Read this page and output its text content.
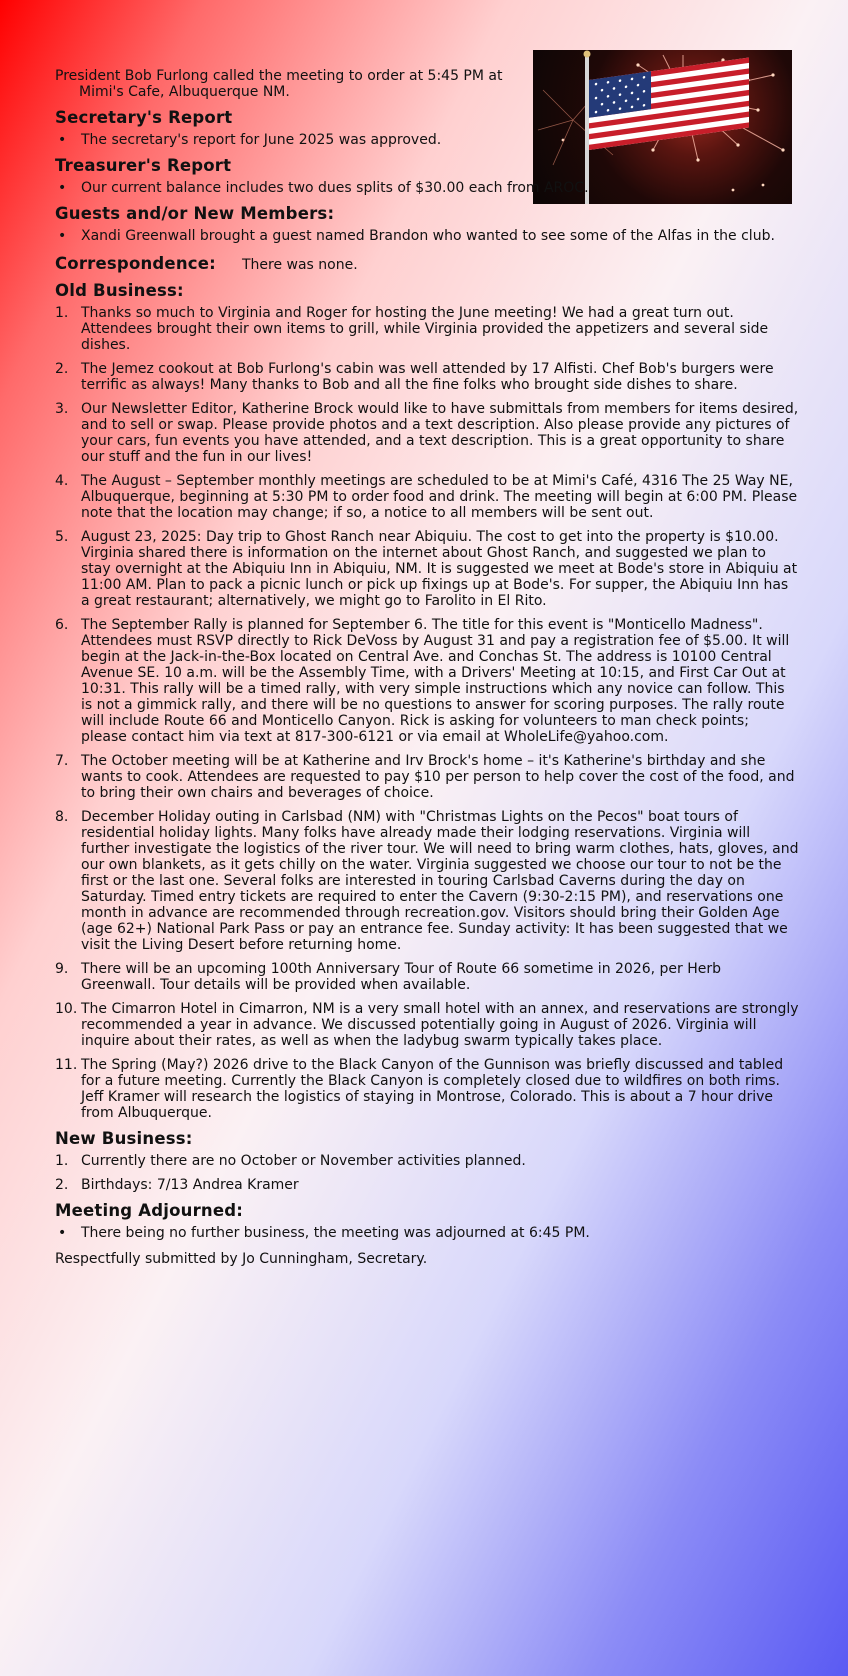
President Bob Furlong called the meeting to order at 5:45 PM at Mimi's Cafe, Albuquerque NM.

Secretary's Report
• The secretary's report for June 2025 was approved.
Treasurer's Report
• Our current balance includes two dues splits of $30.00 each from AROC.
Guests and/or New Members:
• Xandi Greenwall brought a guest named Brandon who wanted to see some of the Alfas in the club.
Correspondence: There was none.
Old Business:
1. Thanks so much to Virginia and Roger for hosting the June meeting! We had a great turn out. Attendees brought their own items to grill, while Virginia provided the appetizers and several side dishes.
2. The Jemez cookout at Bob Furlong's cabin was well attended by 17 Alfisti. Chef Bob's burgers were terrific as always! Many thanks to Bob and all the fine folks who brought side dishes to share.
3. Our Newsletter Editor, Katherine Brock would like to have submittals from members for items desired, and to sell or swap. Please provide photos and a text description. Also please provide any pictures of your cars, fun events you have attended, and a text description. This is a great opportunity to share our stuff and the fun in our lives!
4. The August – September monthly meetings are scheduled to be at Mimi's Café, 4316 The 25 Way NE, Albuquerque, beginning at 5:30 PM to order food and drink. The meeting will begin at 6:00 PM. Please note that the location may change; if so, a notice to all members will be sent out.
5. August 23, 2025: Day trip to Ghost Ranch near Abiquiu. The cost to get into the property is $10.00. Virginia shared there is information on the internet about Ghost Ranch, and suggested we plan to stay overnight at the Abiquiu Inn in Abiquiu, NM. It is suggested we meet at Bode's store in Abiquiu at 11:00 AM. Plan to pack a picnic lunch or pick up fixings up at Bode's. For supper, the Abiquiu Inn has a great restaurant; alternatively, we might go to Farolito in El Rito.
6. The September Rally is planned for September 6. The title for this event is "Monticello Madness". Attendees must RSVP directly to Rick DeVoss by August 31 and pay a registration fee of $5.00. It will begin at the Jack-in-the-Box located on Central Ave. and Conchas St. The address is 10100 Central Avenue SE. 10 a.m. will be the Assembly Time, with a Drivers' Meeting at 10:15, and First Car Out at 10:31. This rally will be a timed rally, with very simple instructions which any novice can follow. This is not a gimmick rally, and there will be no questions to answer for scoring purposes. The rally route will include Route 66 and Monticello Canyon. Rick is asking for volunteers to man check points; please contact him via text at 817-300-6121 or via email at WholeLife@yahoo.com.
7. The October meeting will be at Katherine and Irv Brock's home – it's Katherine's birthday and she wants to cook. Attendees are requested to pay $10 per person to help cover the cost of the food, and to bring their own chairs and beverages of choice.
8. December Holiday outing in Carlsbad (NM) with "Christmas Lights on the Pecos" boat tours of residential holiday lights. Many folks have already made their lodging reservations. Virginia will further investigate the logistics of the river tour. We will need to bring warm clothes, hats, gloves, and our own blankets, as it gets chilly on the water. Virginia suggested we choose our tour to not be the first or the last one. Several folks are interested in touring Carlsbad Caverns during the day on Saturday. Timed entry tickets are required to enter the Cavern (9:30-2:15 PM), and reservations one month in advance are recommended through recreation.gov. Visitors should bring their Golden Age (age 62+) National Park Pass or pay an entrance fee. Sunday activity: It has been suggested that we visit the Living Desert before returning home.
9. There will be an upcoming 100th Anniversary Tour of Route 66 sometime in 2026, per Herb Greenwall. Tour details will be provided when available.
10. The Cimarron Hotel in Cimarron, NM is a very small hotel with an annex, and reservations are strongly recommended a year in advance. We discussed potentially going in August of 2026. Virginia will inquire about their rates, as well as when the ladybug swarm typically takes place.
11. The Spring (May?) 2026 drive to the Black Canyon of the Gunnison was briefly discussed and tabled for a future meeting. Currently the Black Canyon is completely closed due to wildfires on both rims. Jeff Kramer will research the logistics of staying in Montrose, Colorado. This is about a 7 hour drive from Albuquerque.
New Business:
1. Currently there are no October or November activities planned.
2. Birthdays: 7/13 Andrea Kramer
Meeting Adjourned:
• There being no further business, the meeting was adjourned at 6:45 PM.

Respectfully submitted by Jo Cunningham, Secretary.
